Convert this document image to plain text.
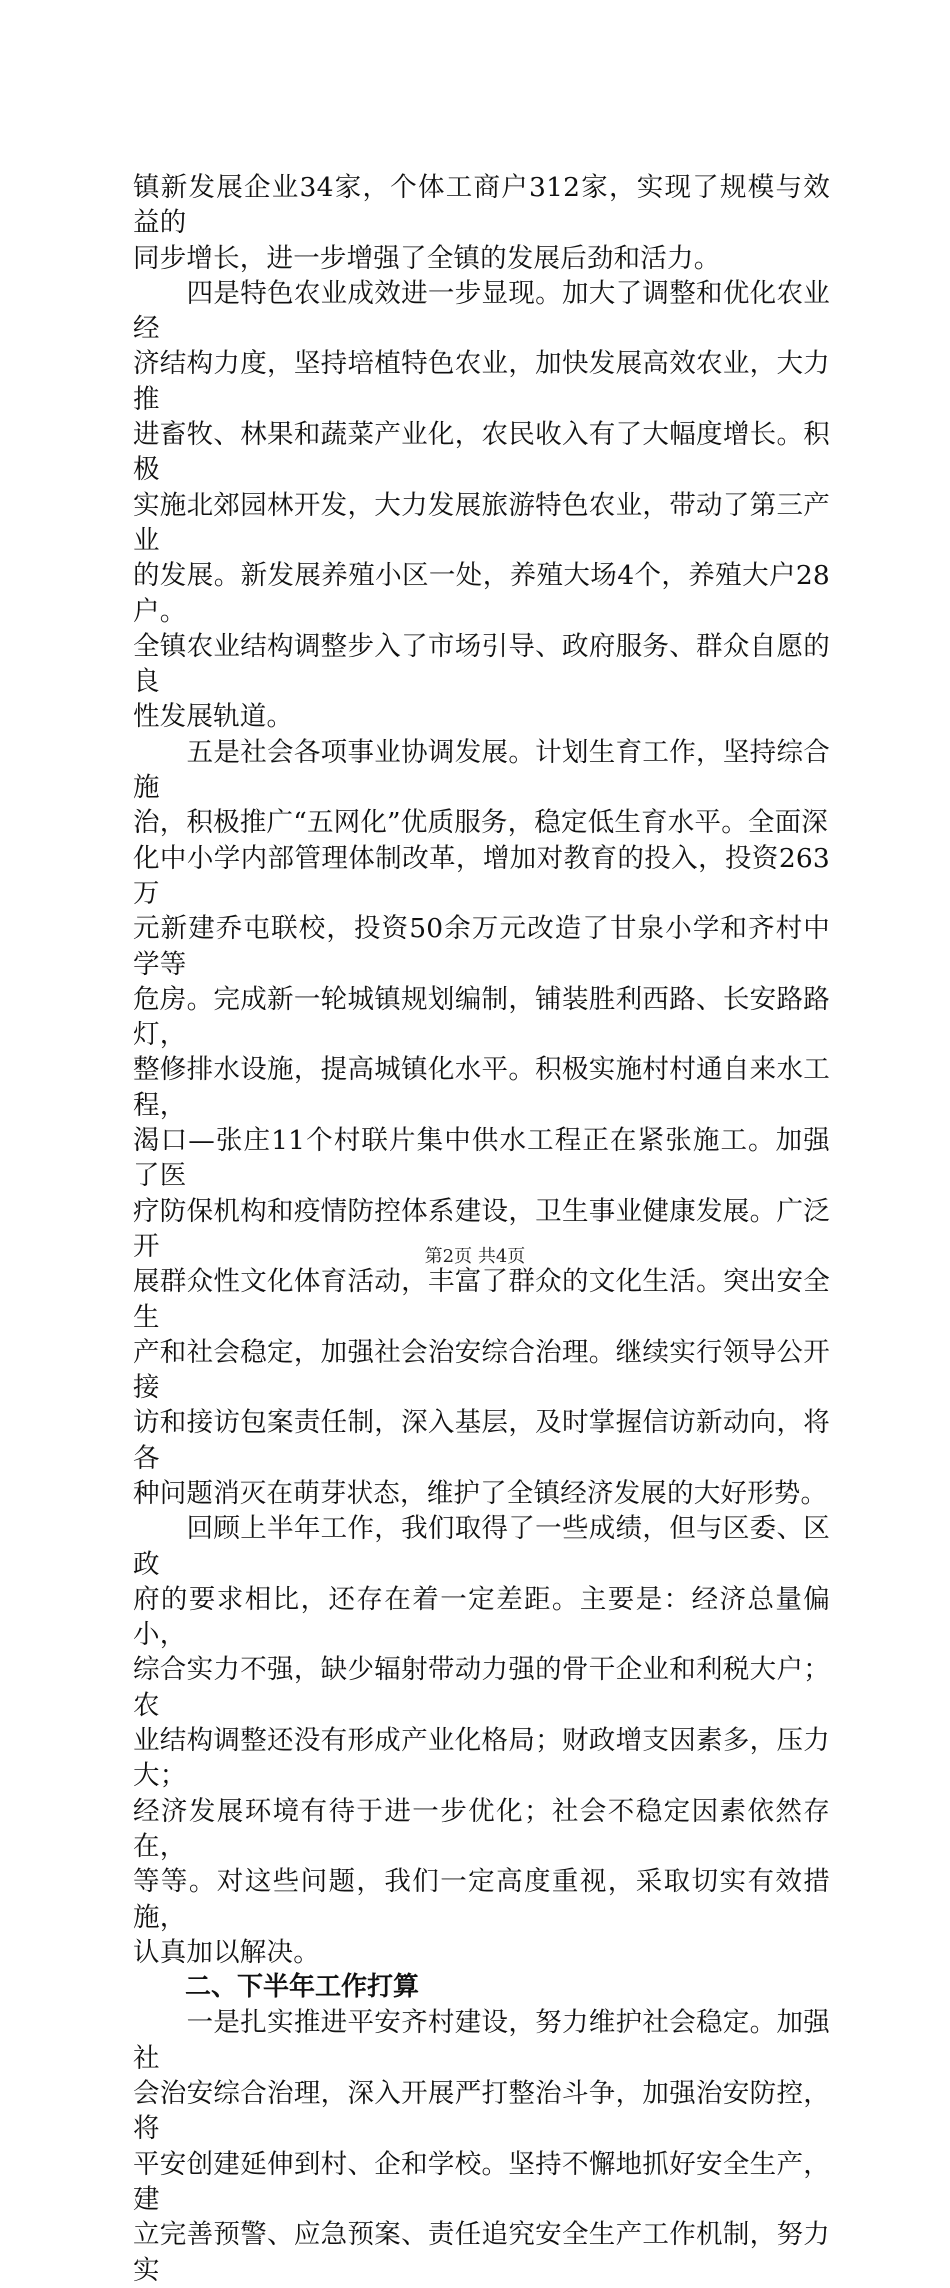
镇新发展企业34家，个体工商户312家，实现了规模与效益的

同步增长，进一步增强了全镇的发展后劲和活力。

　　四是特色农业成效进一步显现。加大了调整和优化农业经

济结构力度，坚持培植特色农业，加快发展高效农业，大力推

进畜牧、林果和蔬菜产业化，农民收入有了大幅度增长。积极

实施北郊园林开发，大力发展旅游特色农业，带动了第三产业

的发展。新发展养殖小区一处，养殖大场4个，养殖大户28户。

全镇农业结构调整步入了市场引导、政府服务、群众自愿的良

性发展轨道。

　　五是社会各项事业协调发展。计划生育工作，坚持综合施

治，积极推广“五网化”优质服务，稳定低生育水平。全面深

化中小学内部管理体制改革，增加对教育的投入，投资263万

元新建乔屯联校，投资50余万元改造了甘泉小学和齐村中学等

危房。完成新一轮城镇规划编制，铺装胜利西路、长安路路灯，

整修排水设施，提高城镇化水平。积极实施村村通自来水工程，

渴口—张庄11个村联片集中供水工程正在紧张施工。加强了医

疗防保机构和疫情防控体系建设，卫生事业健康发展。广泛开

展群众性文化体育活动，丰富了群众的文化生活。突出安全生

产和社会稳定，加强社会治安综合治理。继续实行领导公开接

访和接访包案责任制，深入基层，及时掌握信访新动向，将各

种问题消灭在萌芽状态，维护了全镇经济发展的大好形势。

　　回顾上半年工作，我们取得了一些成绩，但与区委、区政

府的要求相比，还存在着一定差距。主要是：经济总量偏小，

综合实力不强，缺少辐射带动力强的骨干企业和利税大户；农

业结构调整还没有形成产业化格局；财政增支因素多，压力大；

经济发展环境有待于进一步优化；社会不稳定因素依然存在，

等等。对这些问题，我们一定高度重视，采取切实有效措施，

认真加以解决。

二、下半年工作打算

　　一是扎实推进平安齐村建设，努力维护社会稳定。加强社

会治安综合治理，深入开展严打整治斗争，加强治安防控，将

平安创建延伸到村、企和学校。坚持不懈地抓好安全生产，建

立完善预警、应急预案、责任追究安全生产工作机制，努力实

第2页 共4页
